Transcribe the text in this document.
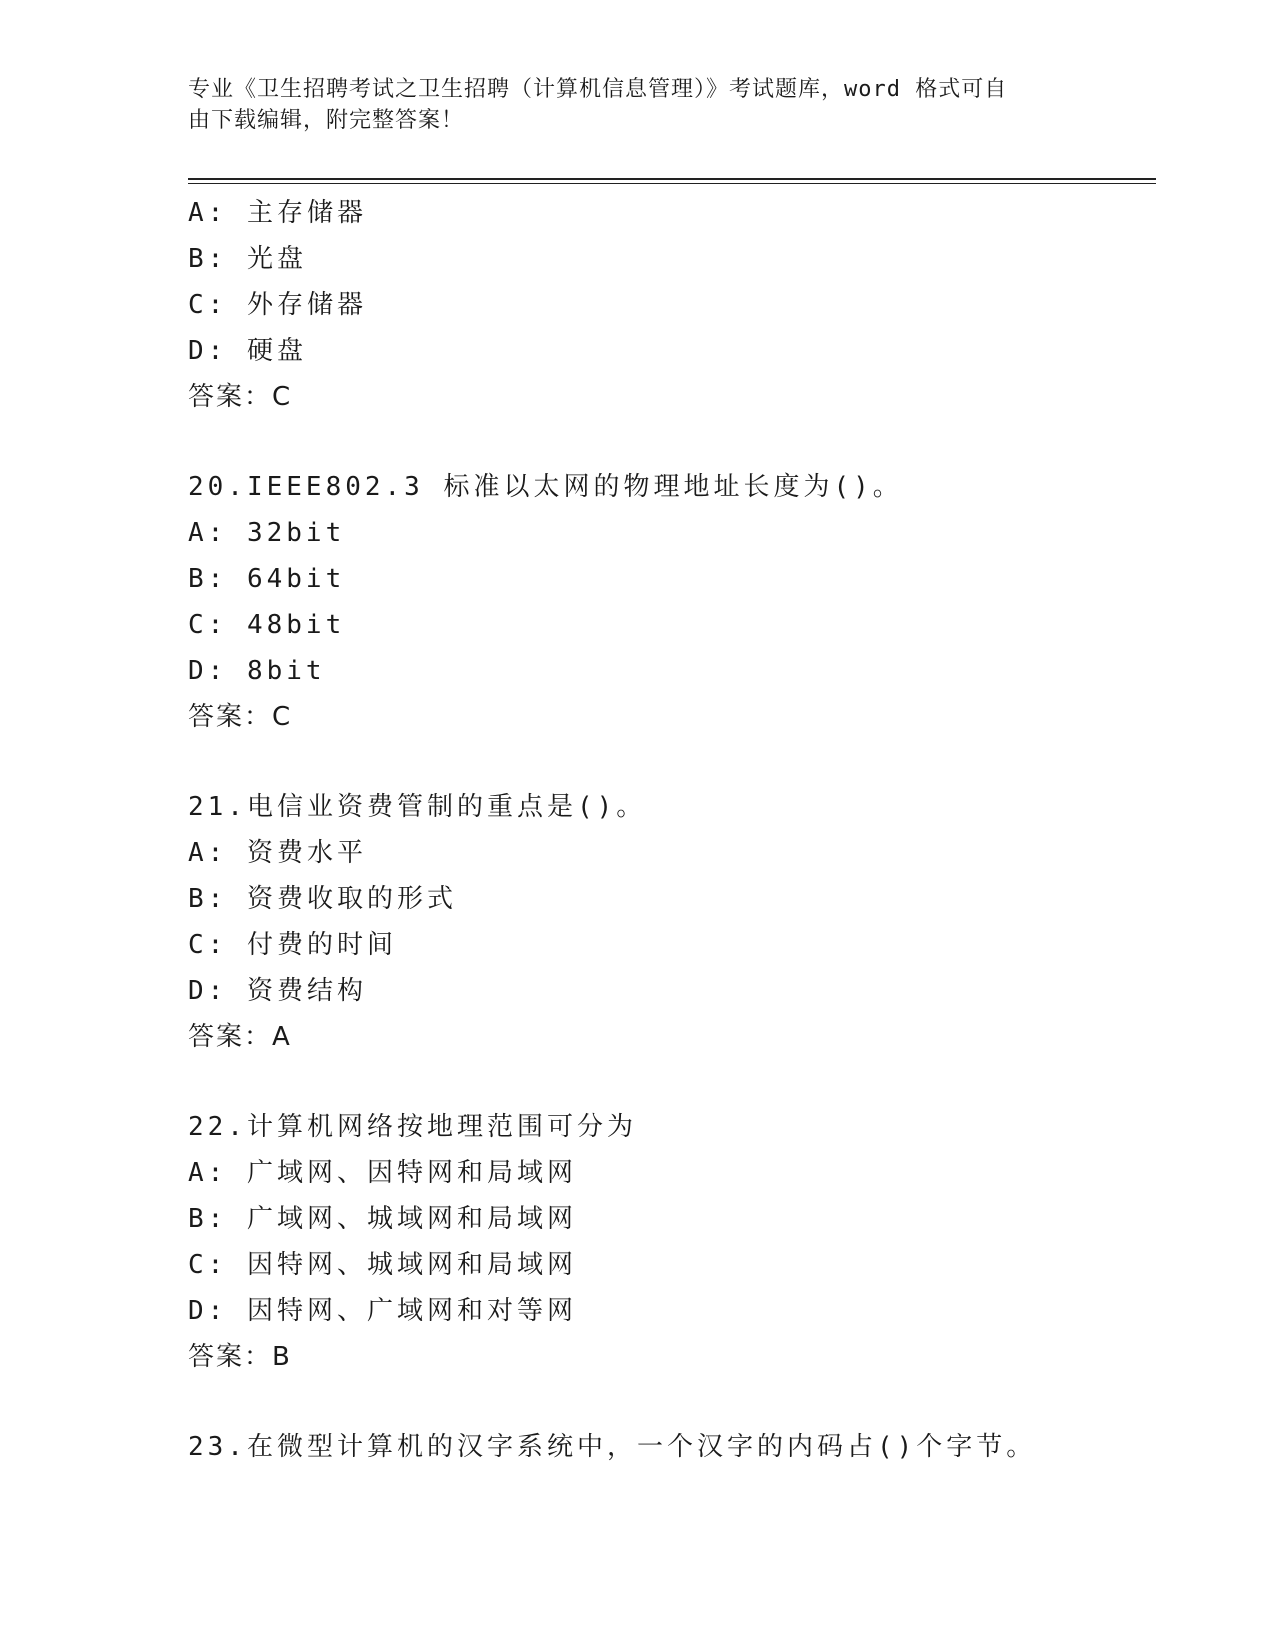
专业《卫生招聘考试之卫生招聘（计算机信息管理）》考试题库，word 格式可自
由下载编辑，附完整答案！
A: 主存储器
B: 光盘
C: 外存储器
D: 硬盘
答案：C
20.IEEE802.3 标准以太网的物理地址长度为()。
A: 32bit
B: 64bit
C: 48bit
D: 8bit
答案：C
21.电信业资费管制的重点是()。
A: 资费水平
B: 资费收取的形式
C: 付费的时间
D: 资费结构
答案：A
22.计算机网络按地理范围可分为
A: 广域网、因特网和局域网
B: 广域网、城域网和局域网
C: 因特网、城域网和局域网
D: 因特网、广域网和对等网
答案：B
23.在微型计算机的汉字系统中，一个汉字的内码占()个字节。
